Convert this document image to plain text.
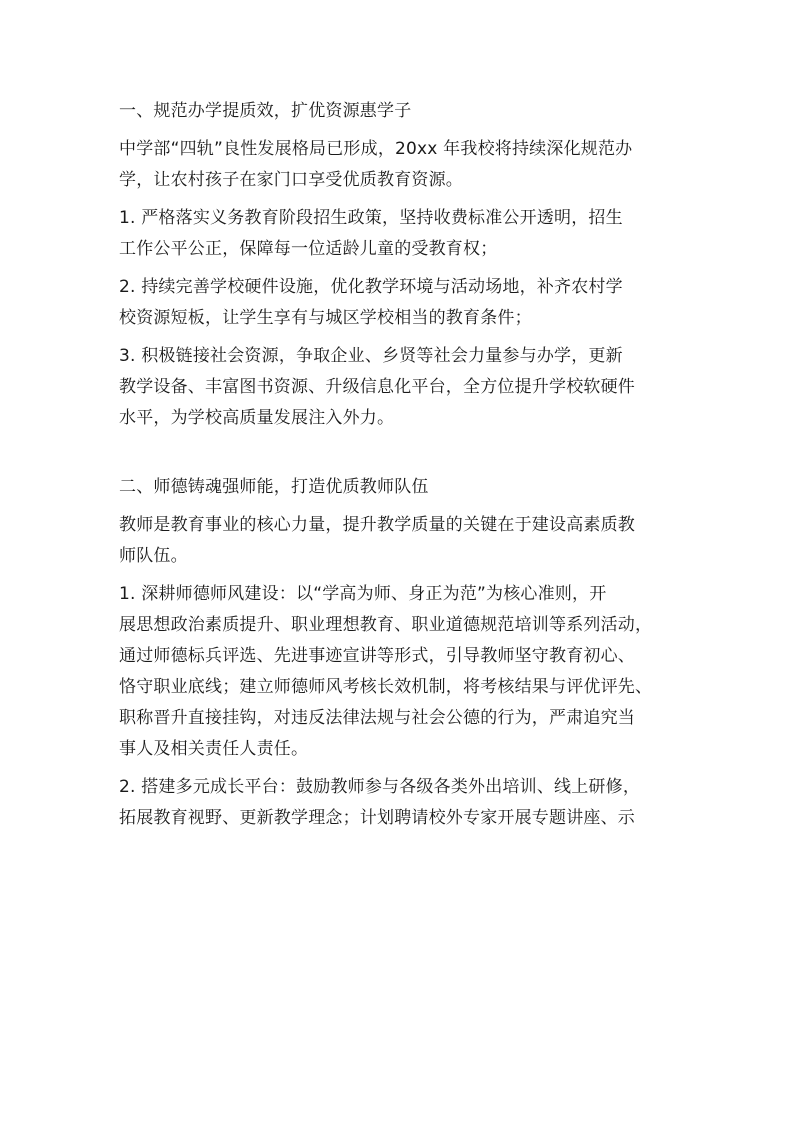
一、规范办学提质效，扩优资源惠学子
中学部“四轨”良性发展格局已形成，20xx 年我校将持续深化规范办
学，让农村孩子在家门口享受优质教育资源。
1. 严格落实义务教育阶段招生政策，坚持收费标准公开透明，招生
工作公平公正，保障每一位适龄儿童的受教育权；
2. 持续完善学校硬件设施，优化教学环境与活动场地，补齐农村学
校资源短板，让学生享有与城区学校相当的教育条件；
3. 积极链接社会资源，争取企业、乡贤等社会力量参与办学，更新
教学设备、丰富图书资源、升级信息化平台，全方位提升学校软硬件
水平，为学校高质量发展注入外力。
二、师德铸魂强师能，打造优质教师队伍
教师是教育事业的核心力量，提升教学质量的关键在于建设高素质教
师队伍。
1. 深耕师德师风建设：以“学高为师、身正为范”为核心准则，开
展思想政治素质提升、职业理想教育、职业道德规范培训等系列活动，
通过师德标兵评选、先进事迹宣讲等形式，引导教师坚守教育初心、
恪守职业底线；建立师德师风考核长效机制，将考核结果与评优评先、
职称晋升直接挂钩，对违反法律法规与社会公德的行为，严肃追究当
事人及相关责任人责任。
2. 搭建多元成长平台：鼓励教师参与各级各类外出培训、线上研修，
拓展教育视野、更新教学理念；计划聘请校外专家开展专题讲座、示
